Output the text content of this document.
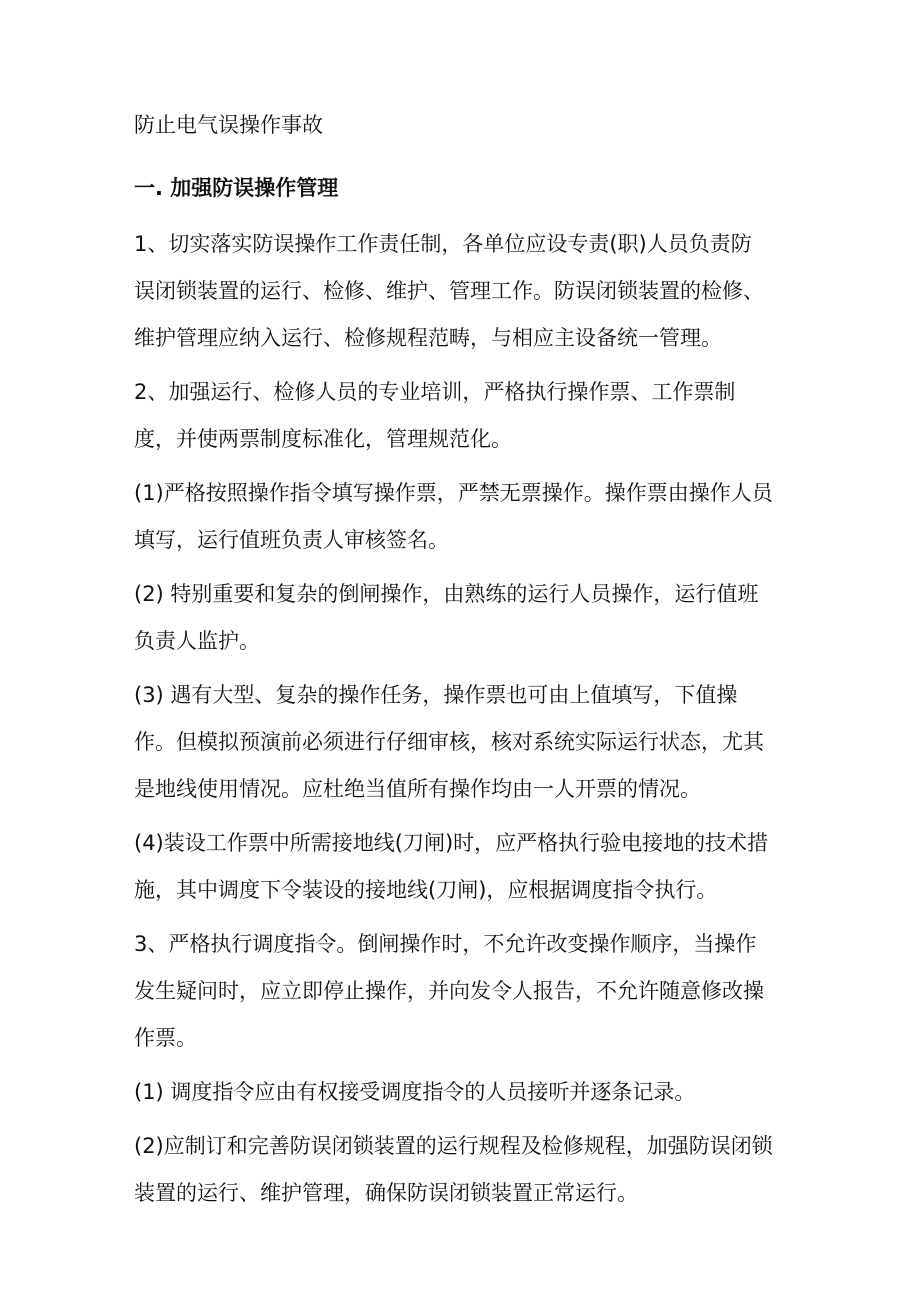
防止电气误操作事故
一. 加强防误操作管理
1、切实落实防误操作工作责任制，各单位应设专责(职)人员负责防
误闭锁装置的运行、检修、维护、管理工作。防误闭锁装置的检修、
维护管理应纳入运行、检修规程范畴，与相应主设备统一管理。
2、加强运行、检修人员的专业培训，严格执行操作票、工作票制
度，并使两票制度标准化，管理规范化。
(1)严格按照操作指令填写操作票，严禁无票操作。操作票由操作人员
填写，运行值班负责人审核签名。
(2) 特别重要和复杂的倒闸操作，由熟练的运行人员操作，运行值班
负责人监护。
(3) 遇有大型、复杂的操作任务，操作票也可由上值填写，下值操
作。但模拟预演前必须进行仔细审核，核对系统实际运行状态，尤其
是地线使用情况。应杜绝当值所有操作均由一人开票的情况。
(4)装设工作票中所需接地线(刀闸)时，应严格执行验电接地的技术措
施，其中调度下令装设的接地线(刀闸)，应根据调度指令执行。
3、严格执行调度指令。倒闸操作时，不允许改变操作顺序，当操作
发生疑问时，应立即停止操作，并向发令人报告，不允许随意修改操
作票。
(1) 调度指令应由有权接受调度指令的人员接听并逐条记录。
(2)应制订和完善防误闭锁装置的运行规程及检修规程，加强防误闭锁
装置的运行、维护管理，确保防误闭锁装置正常运行。
